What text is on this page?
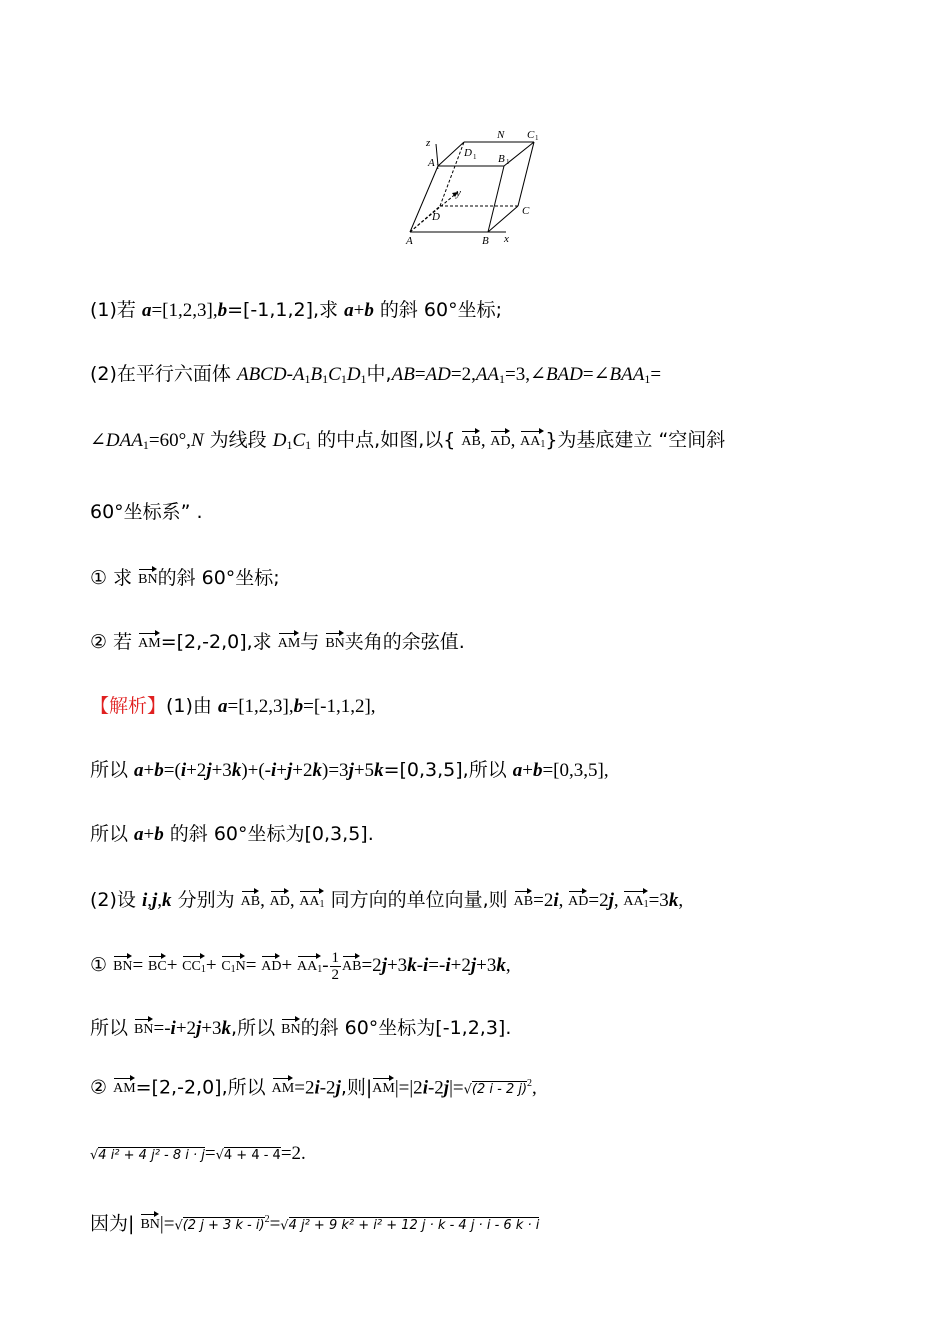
z
N C
A
D B
y
D	C
A	B x
1
1
1
1
(1)若 a=[1,2,3],b=[-1,1,2],求 a+b 的斜 60°坐标;
(2)在平行六面体 ABCD-$A_1B_1C_1D_1$中$,AB=AD=2,AA_1=3,\angle BAD=\angle BAA_1=$
$\angle DAA_1=60^\circ,N$ 为线段 $D_1C_1$ 的中点,如图,以{ AB, AD, AA1}为基底建立 “空间斜
60°坐标系” .
① 求 BN的斜 60°坐标;
② 若 AM=[2,-2,0],求 AM与 BN夹角的余弦值.
【解析】(1)由 a=[1,2,3],b=[-1,1,2],
所以 a+b=(i+2j+3k)+(-i+j+2k)=3j+5k=[0,3,5],所以 a+b=[0,3,5],
所以 a+b 的斜 60°坐标为[0,3,5].
(2)设 i,j,k 分别为 AB, AD, AA1 同方向的单位向量,则 AB=2i, AD=2j, AA1=3k,
① $BN= BC+ CC1+ C1N= AD+ AA1- \frac{1}{2} AB=2j+3k-i=-i+2j+3k$,
所以 BN=-i+2j+3k,所以 BN的斜 60°坐标为[-1,2,3].
② AM=[2,-2,0],所以 AM=2i-2j,则|AM|=|2i-2j|=√(2 i - 2 j)$^2$,
√4 i² + 4 j² - 8 i · j=√4 + 4 - 4=2.
因为| BN|=√(2 j + 3 k - i)$^2$=√4 j² + 9 k² + i² + 12 j · k - 4 j · i - 6 k · i
